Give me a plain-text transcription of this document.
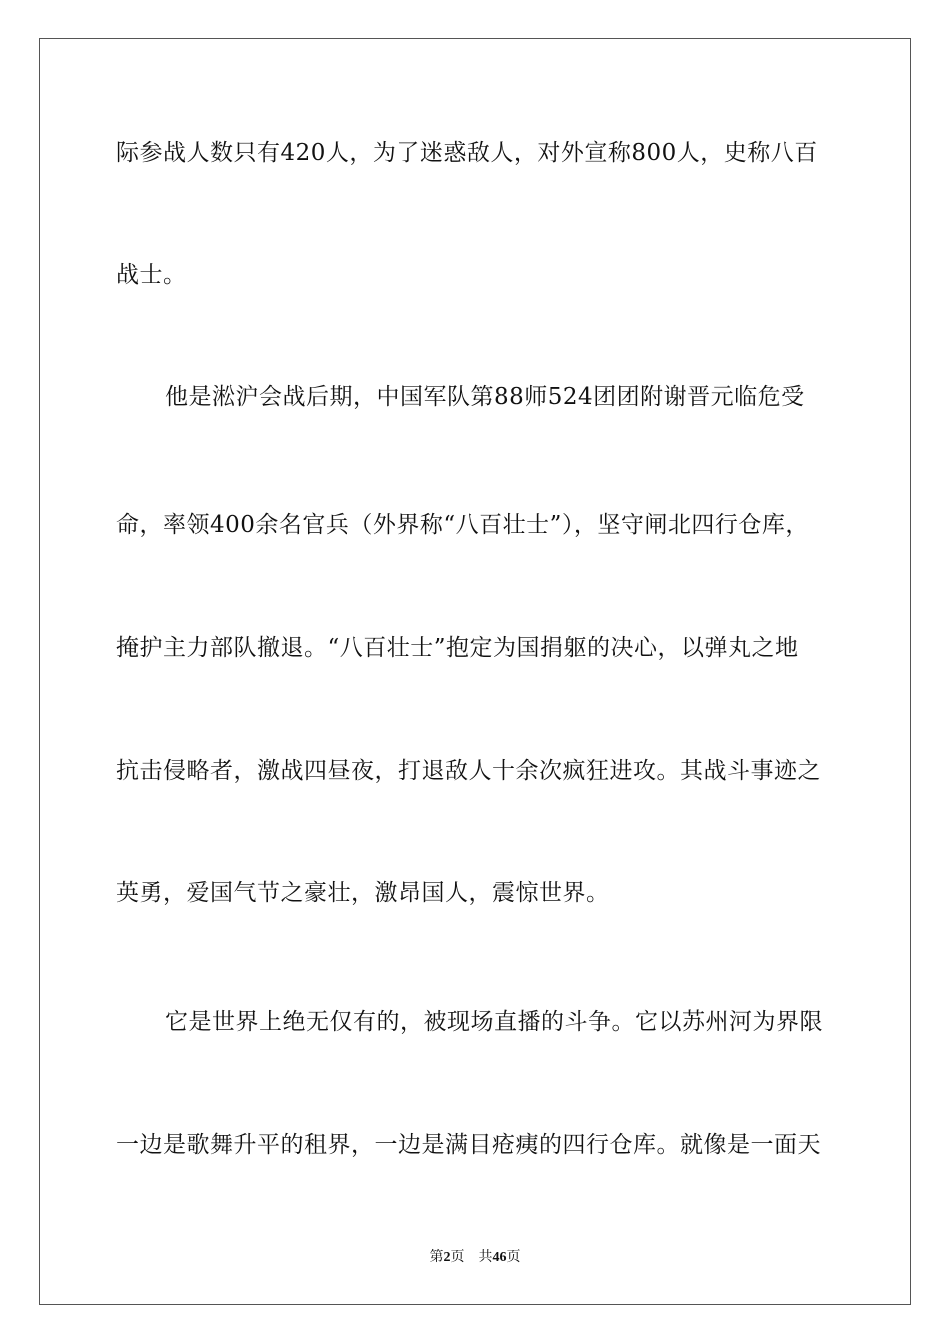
际参战人数只有420人，为了迷惑敌人，对外宣称800人，史称八百
战士。
他是淞沪会战后期，中国军队第88师524团团附谢晋元临危受
命，率领400余名官兵（外界称“八百壮士”），坚守闸北四行仓库，
掩护主力部队撤退。“八百壮士”抱定为国捐躯的决心，以弹丸之地
抗击侵略者，激战四昼夜，打退敌人十余次疯狂进攻。其战斗事迹之
英勇，爱国气节之豪壮，激昂国人，震惊世界。
它是世界上绝无仅有的，被现场直播的斗争。它以苏州河为界限
一边是歌舞升平的租界，一边是满目疮痍的四行仓库。就像是一面天
第2页 共46页
